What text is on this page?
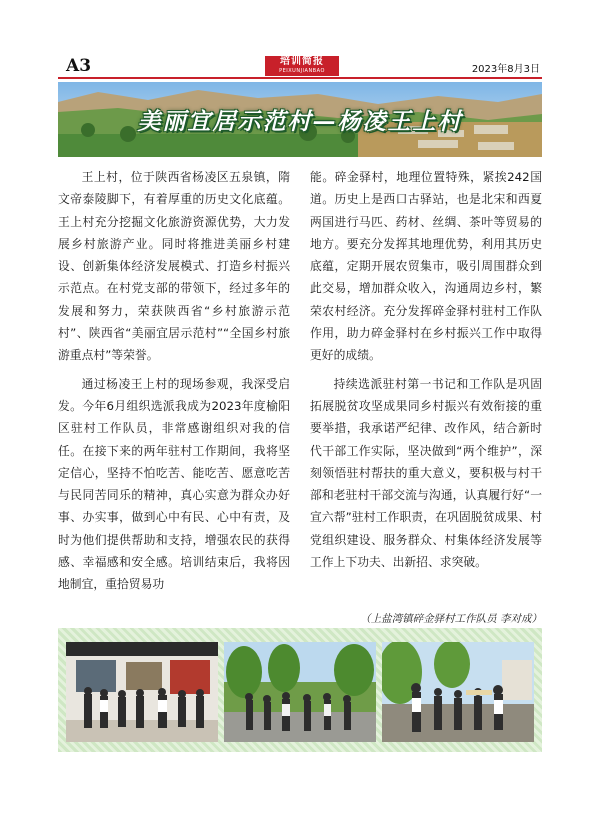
A3	培训简报
PEIXUNJIANBAO	2023年8月3日
美丽宜居示范村—杨凌王上村

王上村，位于陕西省杨凌区五泉镇，隋文帝泰陵脚下，有着厚重的历史文化底蕴。王上村充分挖掘文化旅游资源优势，大力发展乡村旅游产业。同时将推进美丽乡村建设、创新集体经济发展模式、打造乡村振兴示范点。在村党支部的带领下，经过多年的发展和努力，荣获陕西省“乡村旅游示范村”、陕西省“美丽宜居示范村”“全国乡村旅游重点村”等荣誉。

通过杨凌王上村的现场参观，我深受启发。今年6月组织选派我成为2023年度榆阳区驻村工作队员，非常感谢组织对我的信任。在接下来的两年驻村工作期间，我将坚定信心，坚持不怕吃苦、能吃苦、愿意吃苦与民同苦同乐的精神，真心实意为群众办好事、办实事，做到心中有民、心中有责，及时为他们提供帮助和支持，增强农民的获得感、幸福感和安全感。培训结束后，我将因地制宜，重拾贸易功

能。碎金驿村，地理位置特殊，紧挨242国道。历史上是西口古驿站，也是北宋和西夏两国进行马匹、药材、丝绸、茶叶等贸易的地方。要充分发挥其地理优势，利用其历史底蕴，定期开展农贸集市，吸引周围群众到此交易，增加群众收入，沟通周边乡村，繁荣农村经济。充分发挥碎金驿村驻村工作队作用，助力碎金驿村在乡村振兴工作中取得更好的成绩。

持续选派驻村第一书记和工作队是巩固拓展脱贫攻坚成果同乡村振兴有效衔接的重要举措，我承诺严纪律、改作风，结合新时代干部工作实际，坚决做到“两个维护”，深刻领悟驻村帮扶的重大意义，要积极与村干部和老驻村干部交流与沟通，认真履行好“一宣六帮”驻村工作职责，在巩固脱贫成果、村党组织建设、服务群众、村集体经济发展等工作上下功夫、出新招、求突破。

（上盐湾镇碎金驿村工作队员 李对成）
